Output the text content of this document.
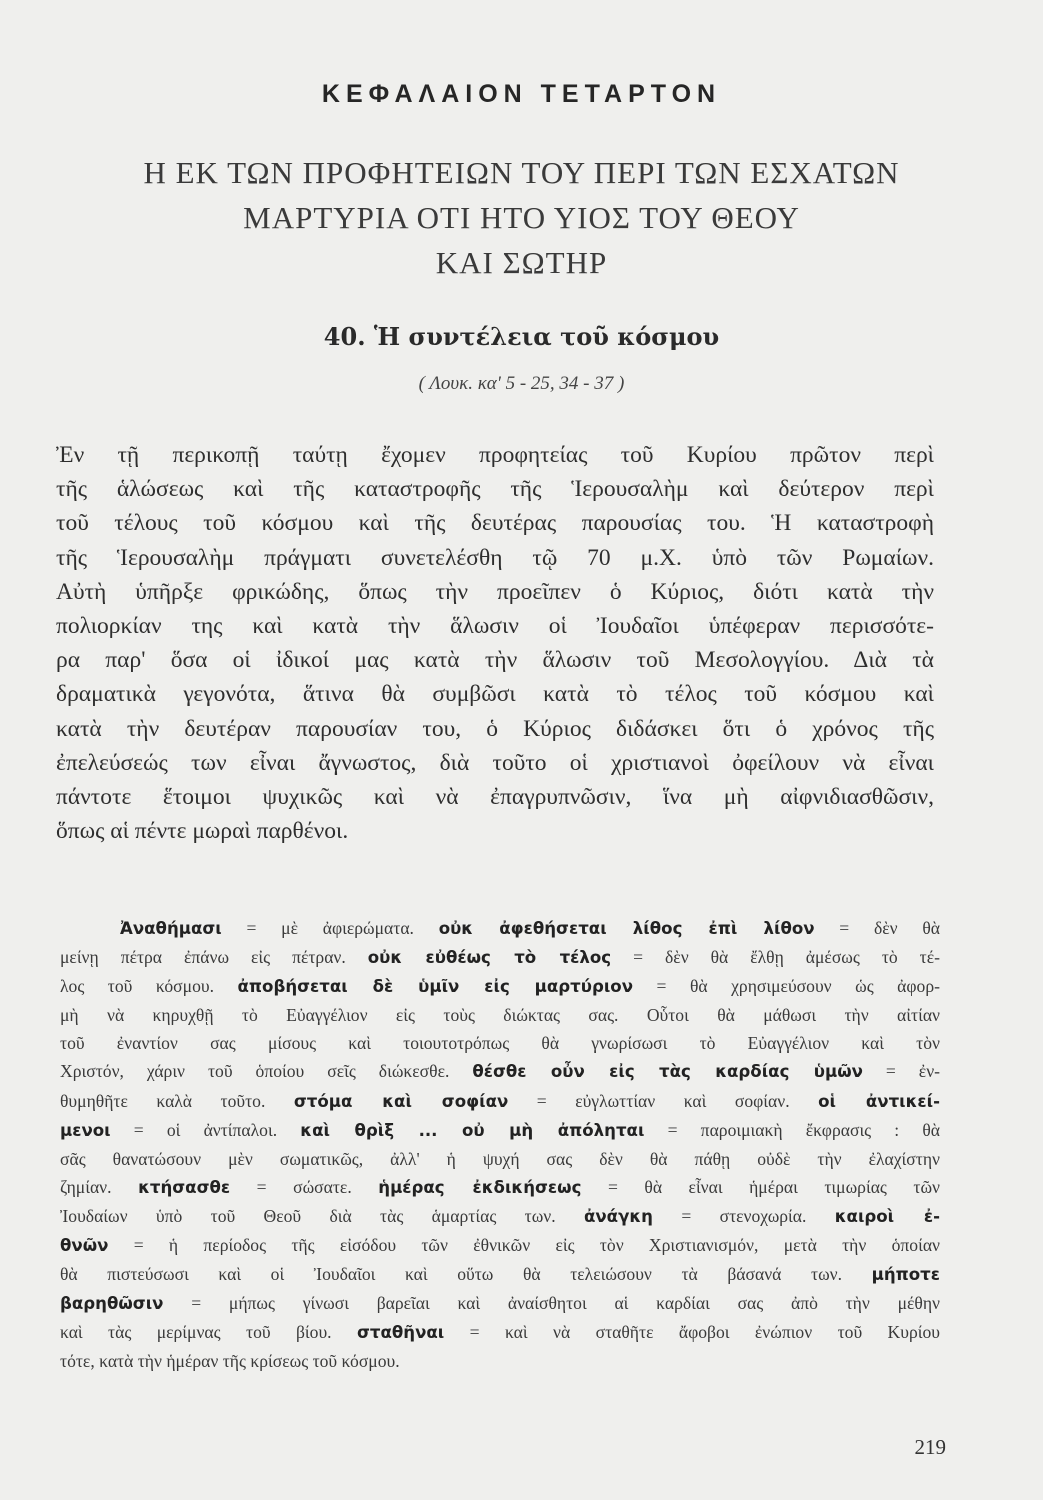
ΚΕΦΑΛΑΙΟΝ ΤΕΤΑΡΤΟΝ
Η ΕΚ ΤΩΝ ΠΡΟΦΗΤΕΙΩΝ ΤΟΥ ΠΕΡΙ ΤΩΝ ΕΣΧΑΤΩΝ
ΜΑΡΤΥΡΙΑ ΟΤΙ ΗΤΟ ΥΙΟΣ ΤΟΥ ΘΕΟΥ
ΚΑΙ ΣΩΤΗΡ
40. Ἡ συντέλεια τοῦ κόσμου
( Λουκ. κα' 5 - 25, 34 - 37 )
Ἐν τῇ περικοπῇ ταύτῃ ἔχομεν προφητείας τοῦ Κυρίου πρῶτον περὶ
τῆς ἁλώσεως καὶ τῆς καταστροφῆς τῆς Ἱερουσαλὴμ καὶ δεύτερον περὶ
τοῦ τέλους τοῦ κόσμου καὶ τῆς δευτέρας παρουσίας του. Ἡ καταστροφὴ
τῆς Ἱερουσαλὴμ πράγματι συνετελέσθη τῷ 70 μ.Χ. ὑπὸ τῶν Ρωμαίων.
Αὐτὴ ὑπῆρξε φρικώδης, ὅπως τὴν προεῖπεν ὁ Κύριος, διότι κατὰ τὴν
πολιορκίαν της καὶ κατὰ τὴν ἅλωσιν οἱ Ἰουδαῖοι ὑπέφεραν περισσότε-
ρα παρ' ὅσα οἱ ἰδικοί μας κατὰ τὴν ἅλωσιν τοῦ Μεσολογγίου. Διὰ τὰ
δραματικὰ γεγονότα, ἅτινα θὰ συμβῶσι κατὰ τὸ τέλος τοῦ κόσμου καὶ
κατὰ τὴν δευτέραν παρουσίαν του, ὁ Κύριος διδάσκει ὅτι ὁ χρόνος τῆς
ἐπελεύσεώς των εἶναι ἄγνωστος, διὰ τοῦτο οἱ χριστιανοὶ ὀφείλουν νὰ εἶναι
πάντοτε ἕτοιμοι ψυχικῶς καὶ νὰ ἐπαγρυπνῶσιν, ἵνα μὴ αἰφνιδιασθῶσιν,
ὅπως αἱ πέντε μωραὶ παρθένοι.
Ἀναθήμασι = μὲ ἀφιερώματα. οὐκ ἀφεθήσεται λίθος ἐπὶ λίθον = δὲν θὰ
μείνῃ πέτρα ἐπάνω εἰς πέτραν. οὐκ εὐθέως τὸ τέλος = δὲν θὰ ἔλθῃ ἀμέσως τὸ τέ-
λος τοῦ κόσμου. ἀποβήσεται δὲ ὑμῖν εἰς μαρτύριον = θὰ χρησιμεύσουν ὡς ἀφορ-
μὴ νὰ κηρυχθῇ τὸ Εὐαγγέλιον εἰς τοὺς διώκτας σας. Οὗτοι θὰ μάθωσι τὴν αἰτίαν
τοῦ ἐναντίον σας μίσους καὶ τοιουτοτρόπως θὰ γνωρίσωσι τὸ Εὐαγγέλιον καὶ τὸν
Χριστόν, χάριν τοῦ ὁποίου σεῖς διώκεσθε. θέσθε οὖν εἰς τὰς καρδίας ὑμῶν = ἐν-
θυμηθῆτε καλὰ τοῦτο. στόμα καὶ σοφίαν = εὐγλωττίαν καὶ σοφίαν. οἱ ἀντικεί-
μενοι = οἱ ἀντίπαλοι. καὶ θρὶξ ... οὐ μὴ ἀπόληται = παροιμιακὴ ἔκφρασις : θὰ
σᾶς θανατώσουν μὲν σωματικῶς, ἀλλ' ἡ ψυχή σας δὲν θὰ πάθῃ οὐδὲ τὴν ἐλαχίστην
ζημίαν. κτήσασθε = σώσατε. ἡμέρας ἐκδικήσεως = θὰ εἶναι ἡμέραι τιμωρίας τῶν
Ἰουδαίων ὑπὸ τοῦ Θεοῦ διὰ τὰς ἁμαρτίας των. ἀνάγκη = στενοχωρία. καιροὶ ἐ-
θνῶν = ἡ περίοδος τῆς εἰσόδου τῶν ἐθνικῶν εἰς τὸν Χριστιανισμόν, μετὰ τὴν ὁποίαν
θὰ πιστεύσωσι καὶ οἱ Ἰουδαῖοι καὶ οὕτω θὰ τελειώσουν τὰ βάσανά των. μήποτε
βαρηθῶσιν = μήπως γίνωσι βαρεῖαι καὶ ἀναίσθητοι αἱ καρδίαι σας ἀπὸ τὴν μέθην
καὶ τὰς μερίμνας τοῦ βίου. σταθῆναι = καὶ νὰ σταθῆτε ἄφοβοι ἐνώπιον τοῦ Κυρίου
τότε, κατὰ τὴν ἡμέραν τῆς κρίσεως τοῦ κόσμου.
219
